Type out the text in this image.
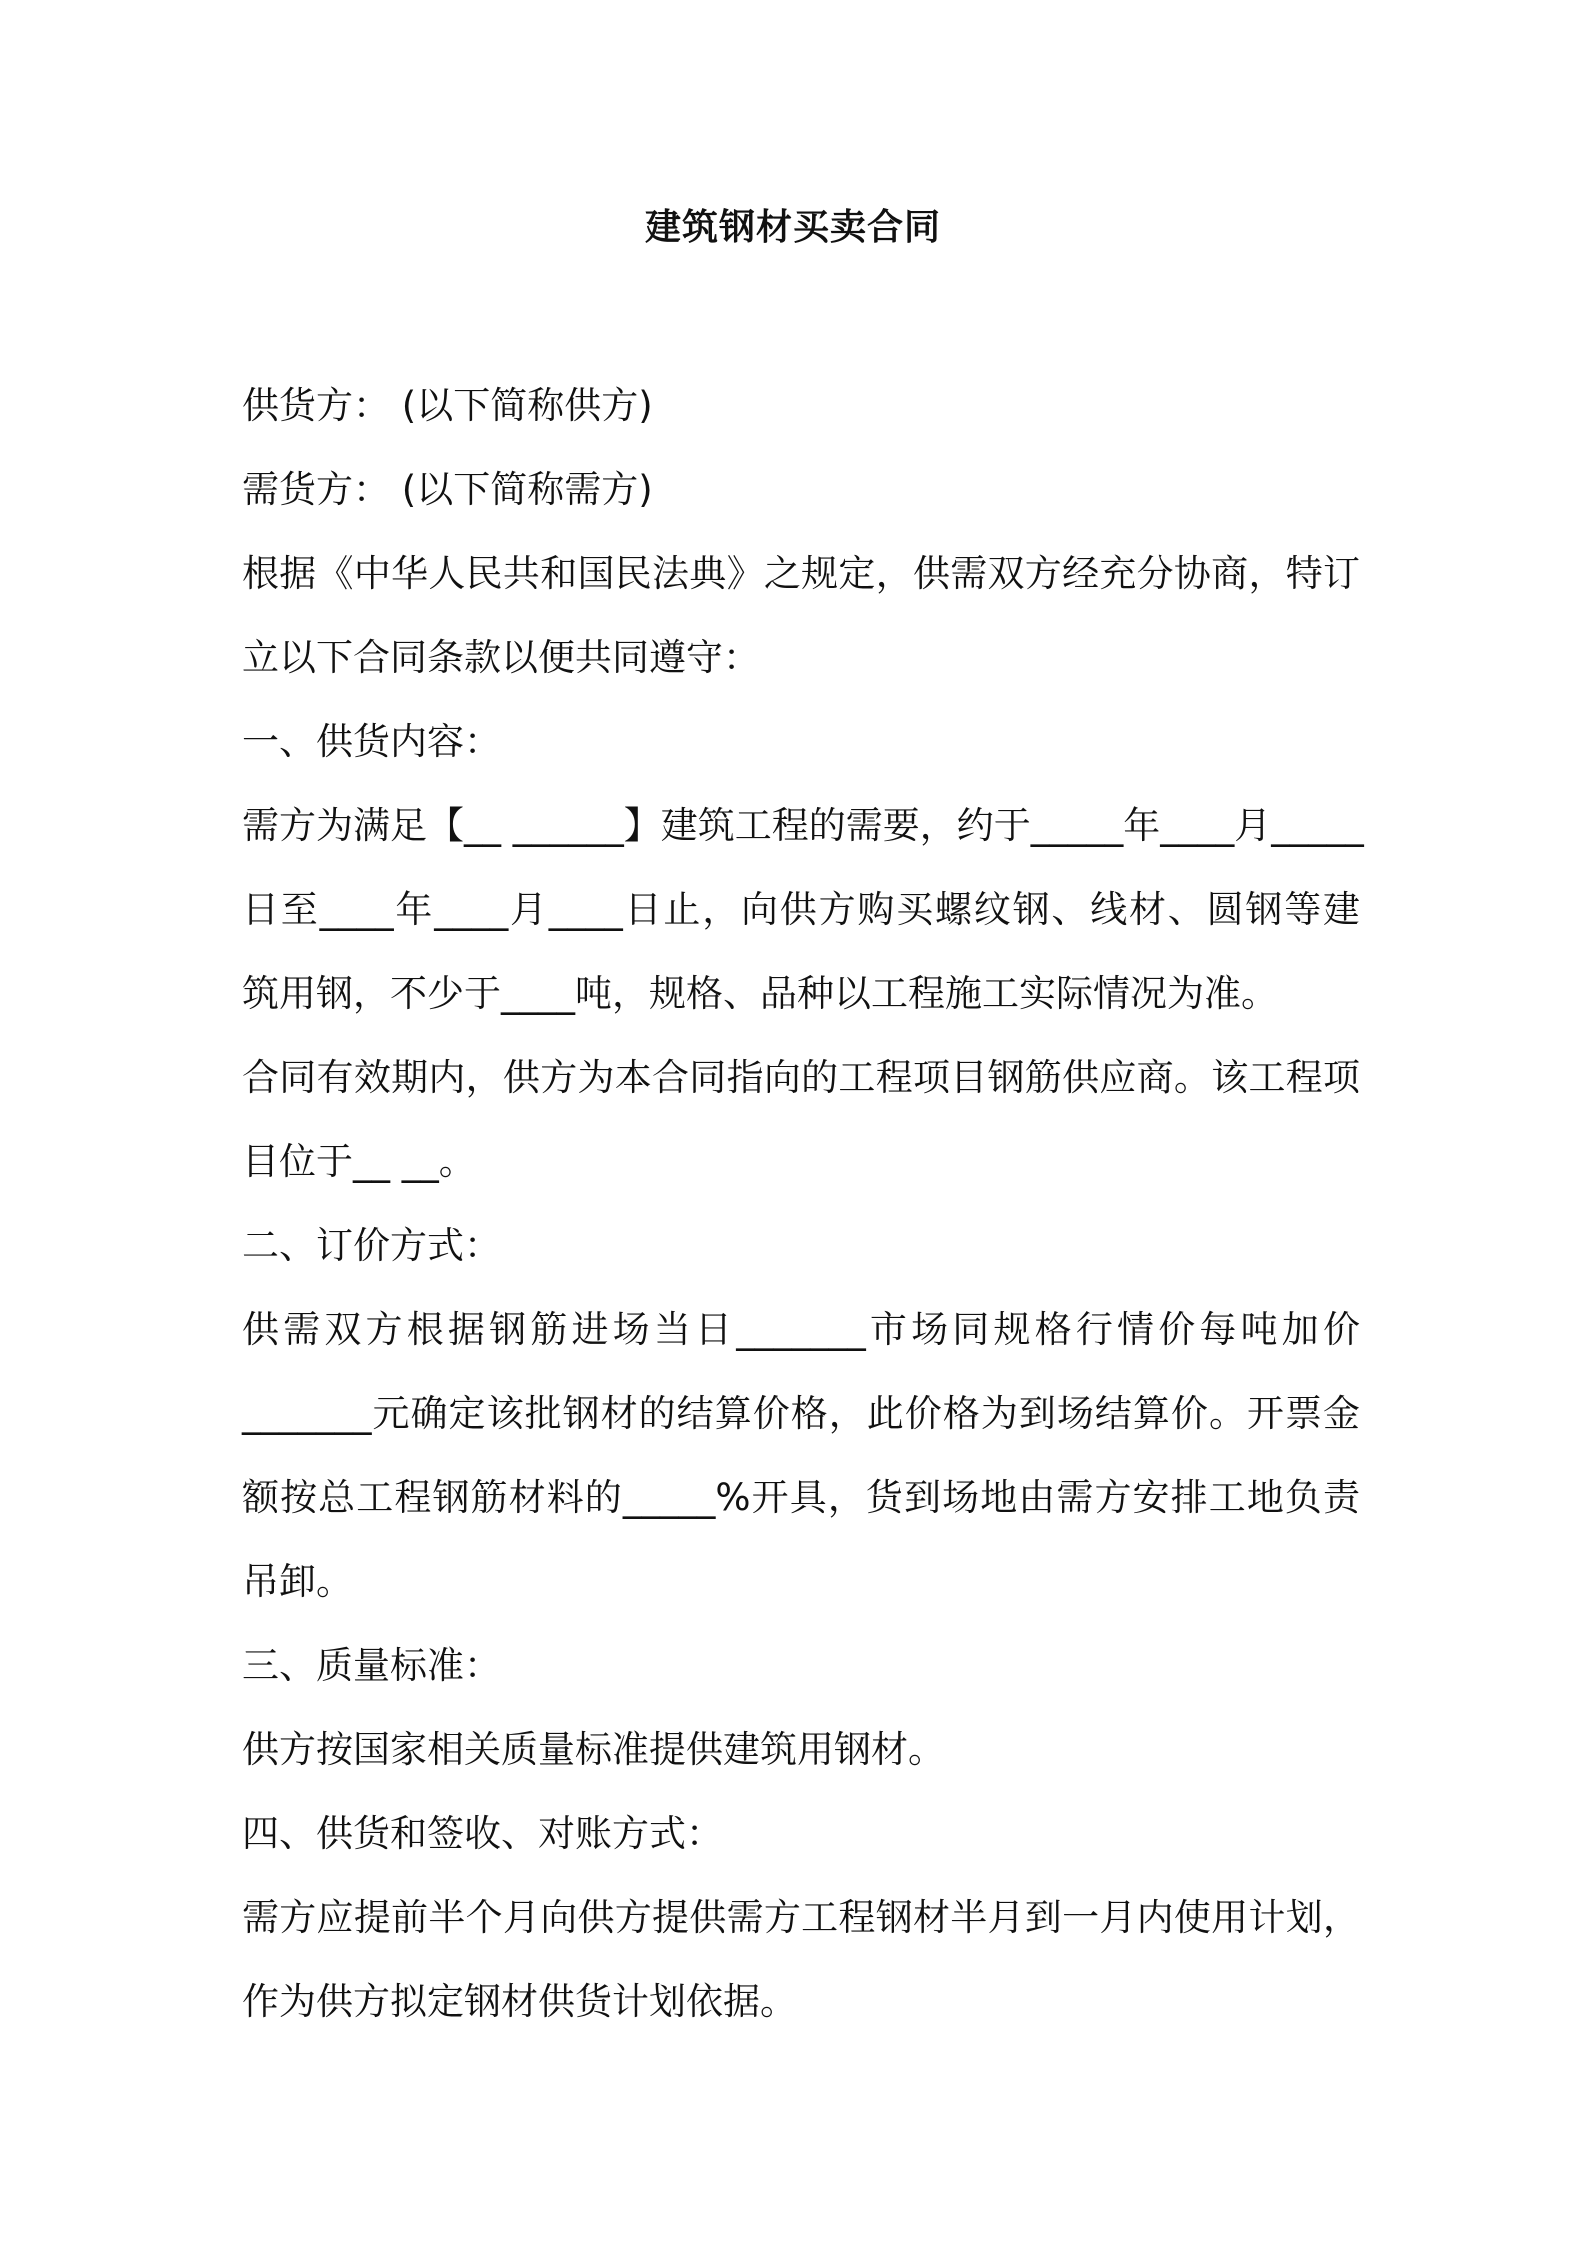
建筑钢材买卖合同
供货方： (以下简称供方)
需货方： (以下简称需方)
根据《中华人民共和国民法典》之规定，供需双方经充分协商，特订
立以下合同条款以便共同遵守：
一、供货内容：
需方为满足【__ ______】建筑工程的需要，约于_____年____月_____
日至____年____月____日止，向供方购买螺纹钢、线材、圆钢等建
筑用钢，不少于____吨，规格、品种以工程施工实际情况为准。
合同有效期内，供方为本合同指向的工程项目钢筋供应商。该工程项
目位于__ __。
二、订价方式：
供需双方根据钢筋进场当日_______市场同规格行情价每吨加价
_______元确定该批钢材的结算价格，此价格为到场结算价。开票金
额按总工程钢筋材料的_____%开具，货到场地由需方安排工地负责
吊卸。
三、质量标准：
供方按国家相关质量标准提供建筑用钢材。
四、供货和签收、对账方式：
需方应提前半个月向供方提供需方工程钢材半月到一月内使用计划，
作为供方拟定钢材供货计划依据。
